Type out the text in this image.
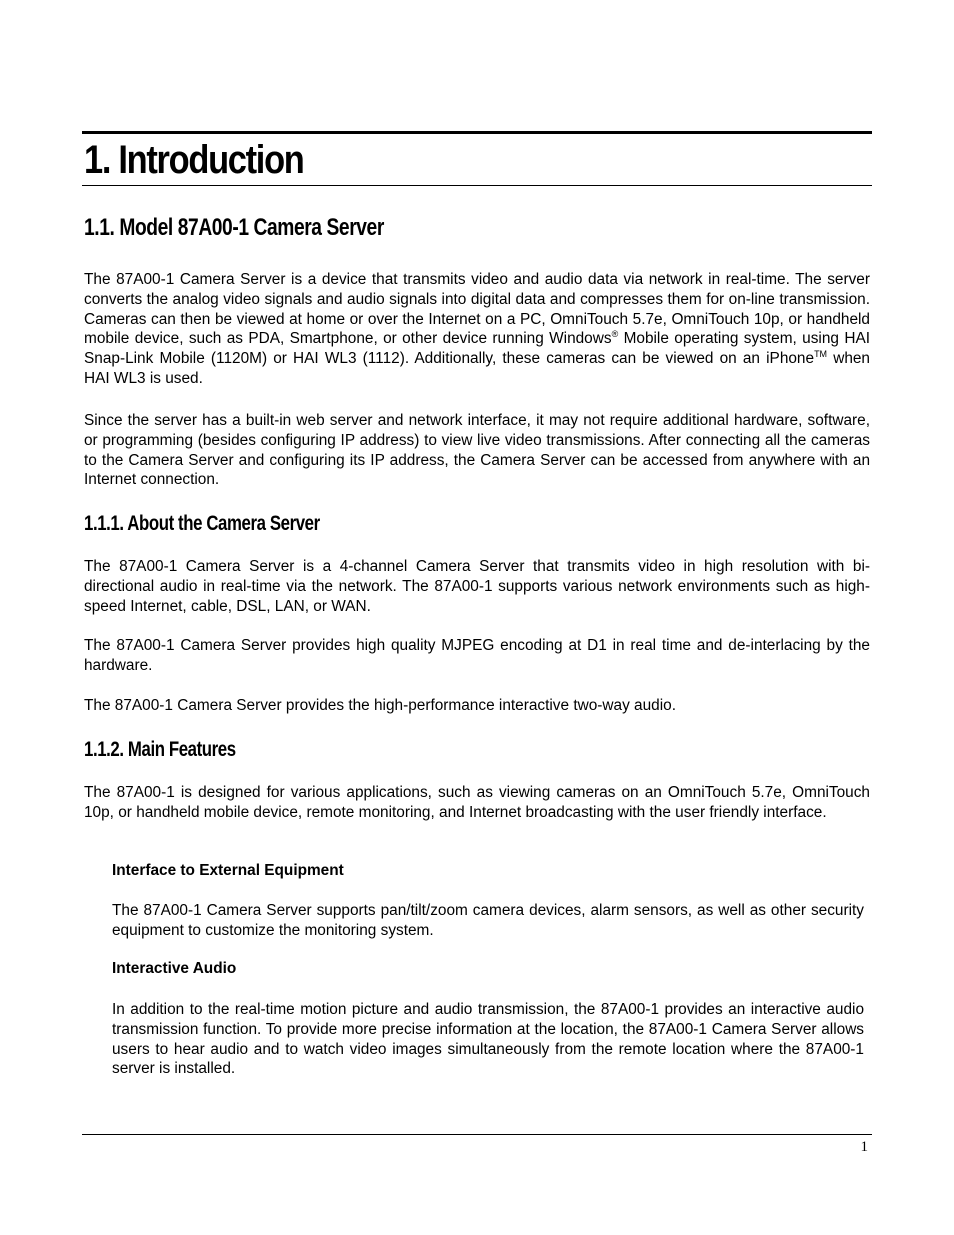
1. Introduction
1.1. Model 87A00-1 Camera Server
The 87A00-1 Camera Server is a device that transmits video and audio data via network in real-time. The server converts the analog video signals and audio signals into digital data and compresses them for on-line transmission. Cameras can then be viewed at home or over the Internet on a PC, OmniTouch 5.7e, OmniTouch 10p, or handheld mobile device, such as PDA, Smartphone, or other device running Windows® Mobile operating system, using HAI Snap-Link Mobile (1120M) or HAI WL3 (1112). Additionally, these cameras can be viewed on an iPhone™ when HAI WL3 is used.
Since the server has a built-in web server and network interface, it may not require additional hardware, software, or programming (besides configuring IP address) to view live video transmissions. After connecting all the cameras to the Camera Server and configuring its IP address, the Camera Server can be accessed from anywhere with an Internet connection.
1.1.1. About the Camera Server
The 87A00-1 Camera Server is a 4-channel Camera Server that transmits video in high resolution with bi-directional audio in real-time via the network. The 87A00-1 supports various network environments such as high-speed Internet, cable, DSL, LAN, or WAN.
The 87A00-1 Camera Server provides high quality MJPEG encoding at D1 in real time and de-interlacing by the hardware.
The 87A00-1 Camera Server provides the high-performance interactive two-way audio.
1.1.2. Main Features
The 87A00-1 is designed for various applications, such as viewing cameras on an OmniTouch 5.7e, OmniTouch 10p, or handheld mobile device, remote monitoring, and Internet broadcasting with the user friendly interface.
Interface to External Equipment
The 87A00-1 Camera Server supports pan/tilt/zoom camera devices, alarm sensors, as well as other security equipment to customize the monitoring system.
Interactive Audio
In addition to the real-time motion picture and audio transmission, the 87A00-1 provides an interactive audio transmission function. To provide more precise information at the location, the 87A00-1 Camera Server allows users to hear audio and to watch video images simultaneously from the remote location where the 87A00-1 server is installed.
1
